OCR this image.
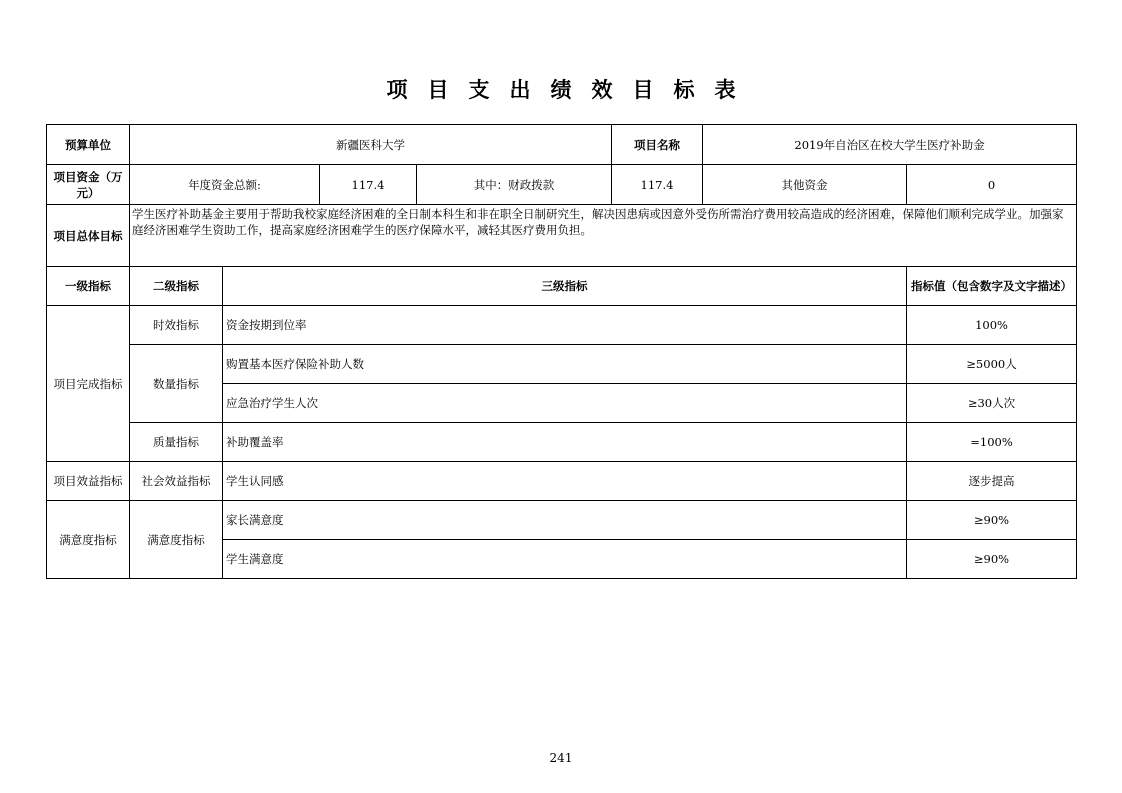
项目支出绩效目标表
预算单位	新疆医科大学				项目名称	2019年自治区在校大学生医疗补助金	
项目资金（万元）	年度资金总额:		117.4	其中：财政拨款	117.4	其他资金	0
项目总体目标	学生医疗补助基金主要用于帮助我校家庭经济困难的全日制本科生和非在职全日制研究生，解决因患病或因意外受伤所需治疗费用较高造成的经济困难，保障他们顺利完成学业。加强家庭经济困难学生资助工作，提高家庭经济困难学生的医疗保障水平，减轻其医疗费用负担。						
一级指标	二级指标	三级指标					指标值（包含数字及文字描述）
项目完成指标	时效指标	资金按期到位率					100%
	数量指标	购置基本医疗保险补助人数					≥5000人
		应急治疗学生人次					≥30人次
	质量指标	补助覆盖率					=100%
项目效益指标	社会效益指标	学生认同感					逐步提高
满意度指标	满意度指标	家长满意度					≥90%
		学生满意度					≥90%
241
